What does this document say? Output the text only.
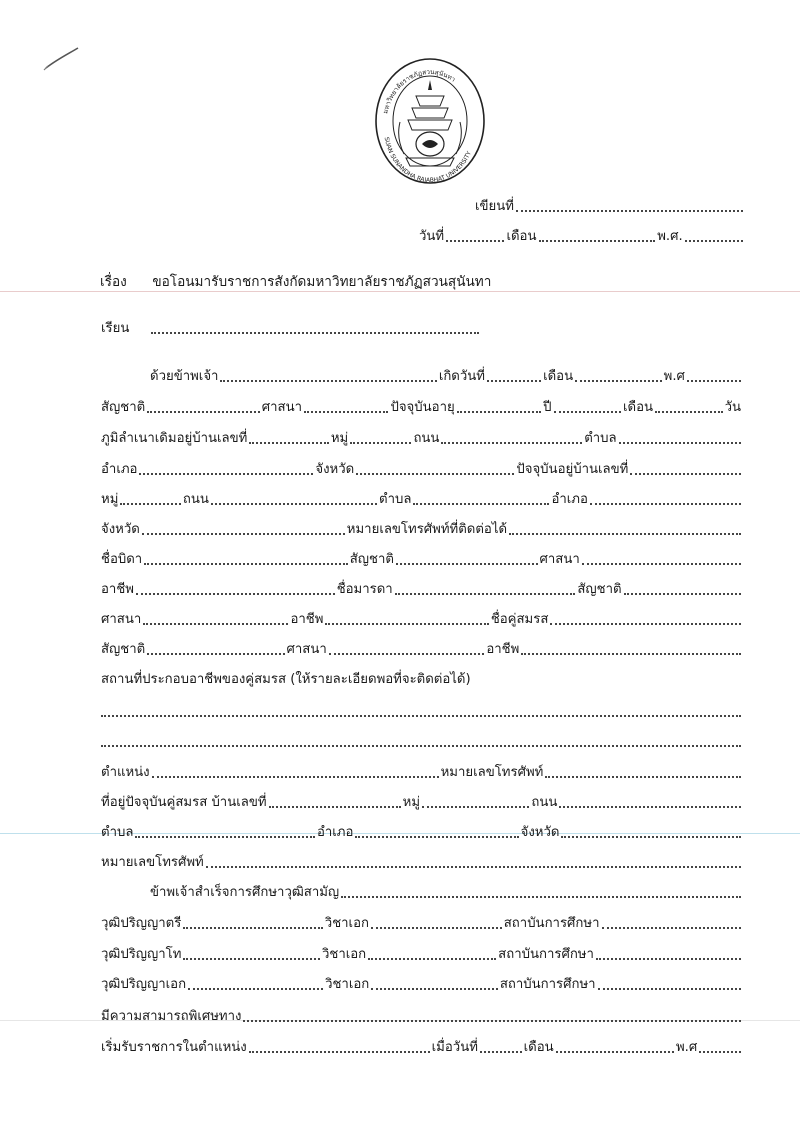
มหาวิทยาลัยราชภัฏสวนสุนันทา
SUAN SUNANDHA RAJABHAT UNIVERSITY
เขียนที่
วันที่	เดือน	พ.ศ.
เรื่อง ขอโอนมารับราชการสังกัดมหาวิทยาลัยราชภัฏสวนสุนันทา
เรียน
ด้วยข้าพเจ้า	เกิดวันที่	เดือน	พ.ศ
สัญชาติ	ศาสนา	ปัจจุบันอายุ	ปี	เดือน	วัน
ภูมิลำเนาเดิมอยู่บ้านเลขที่	หมู่	ถนน	ตำบล
อำเภอ	จังหวัด	ปัจจุบันอยู่บ้านเลขที่
หมู่	ถนน	ตำบล	อำเภอ
จังหวัด	หมายเลขโทรศัพท์ที่ติดต่อได้
ชื่อบิดา	สัญชาติ	ศาสนา
อาชีพ	ชื่อมารดา	สัญชาติ
ศาสนา	อาชีพ	ชื่อคู่สมรส
สัญชาติ	ศาสนา	อาชีพ
สถานที่ประกอบอาชีพของคู่สมรส (ให้รายละเอียดพอที่จะติดต่อได้)
ตำแหน่ง	หมายเลขโทรศัพท์
ที่อยู่ปัจจุบันคู่สมรส บ้านเลขที่	หมู่	ถนน
ตำบล	อำเภอ	จังหวัด
หมายเลขโทรศัพท์
ข้าพเจ้าสำเร็จการศึกษาวุฒิสามัญ
วุฒิปริญญาตรี	วิชาเอก	สถาบันการศึกษา
วุฒิปริญญาโท	วิชาเอก	สถาบันการศึกษา
วุฒิปริญญาเอก	วิชาเอก	สถาบันการศึกษา
มีความสามารถพิเศษทาง
เริ่มรับราชการในตำแหน่ง	เมื่อวันที่	เดือน	พ.ศ
